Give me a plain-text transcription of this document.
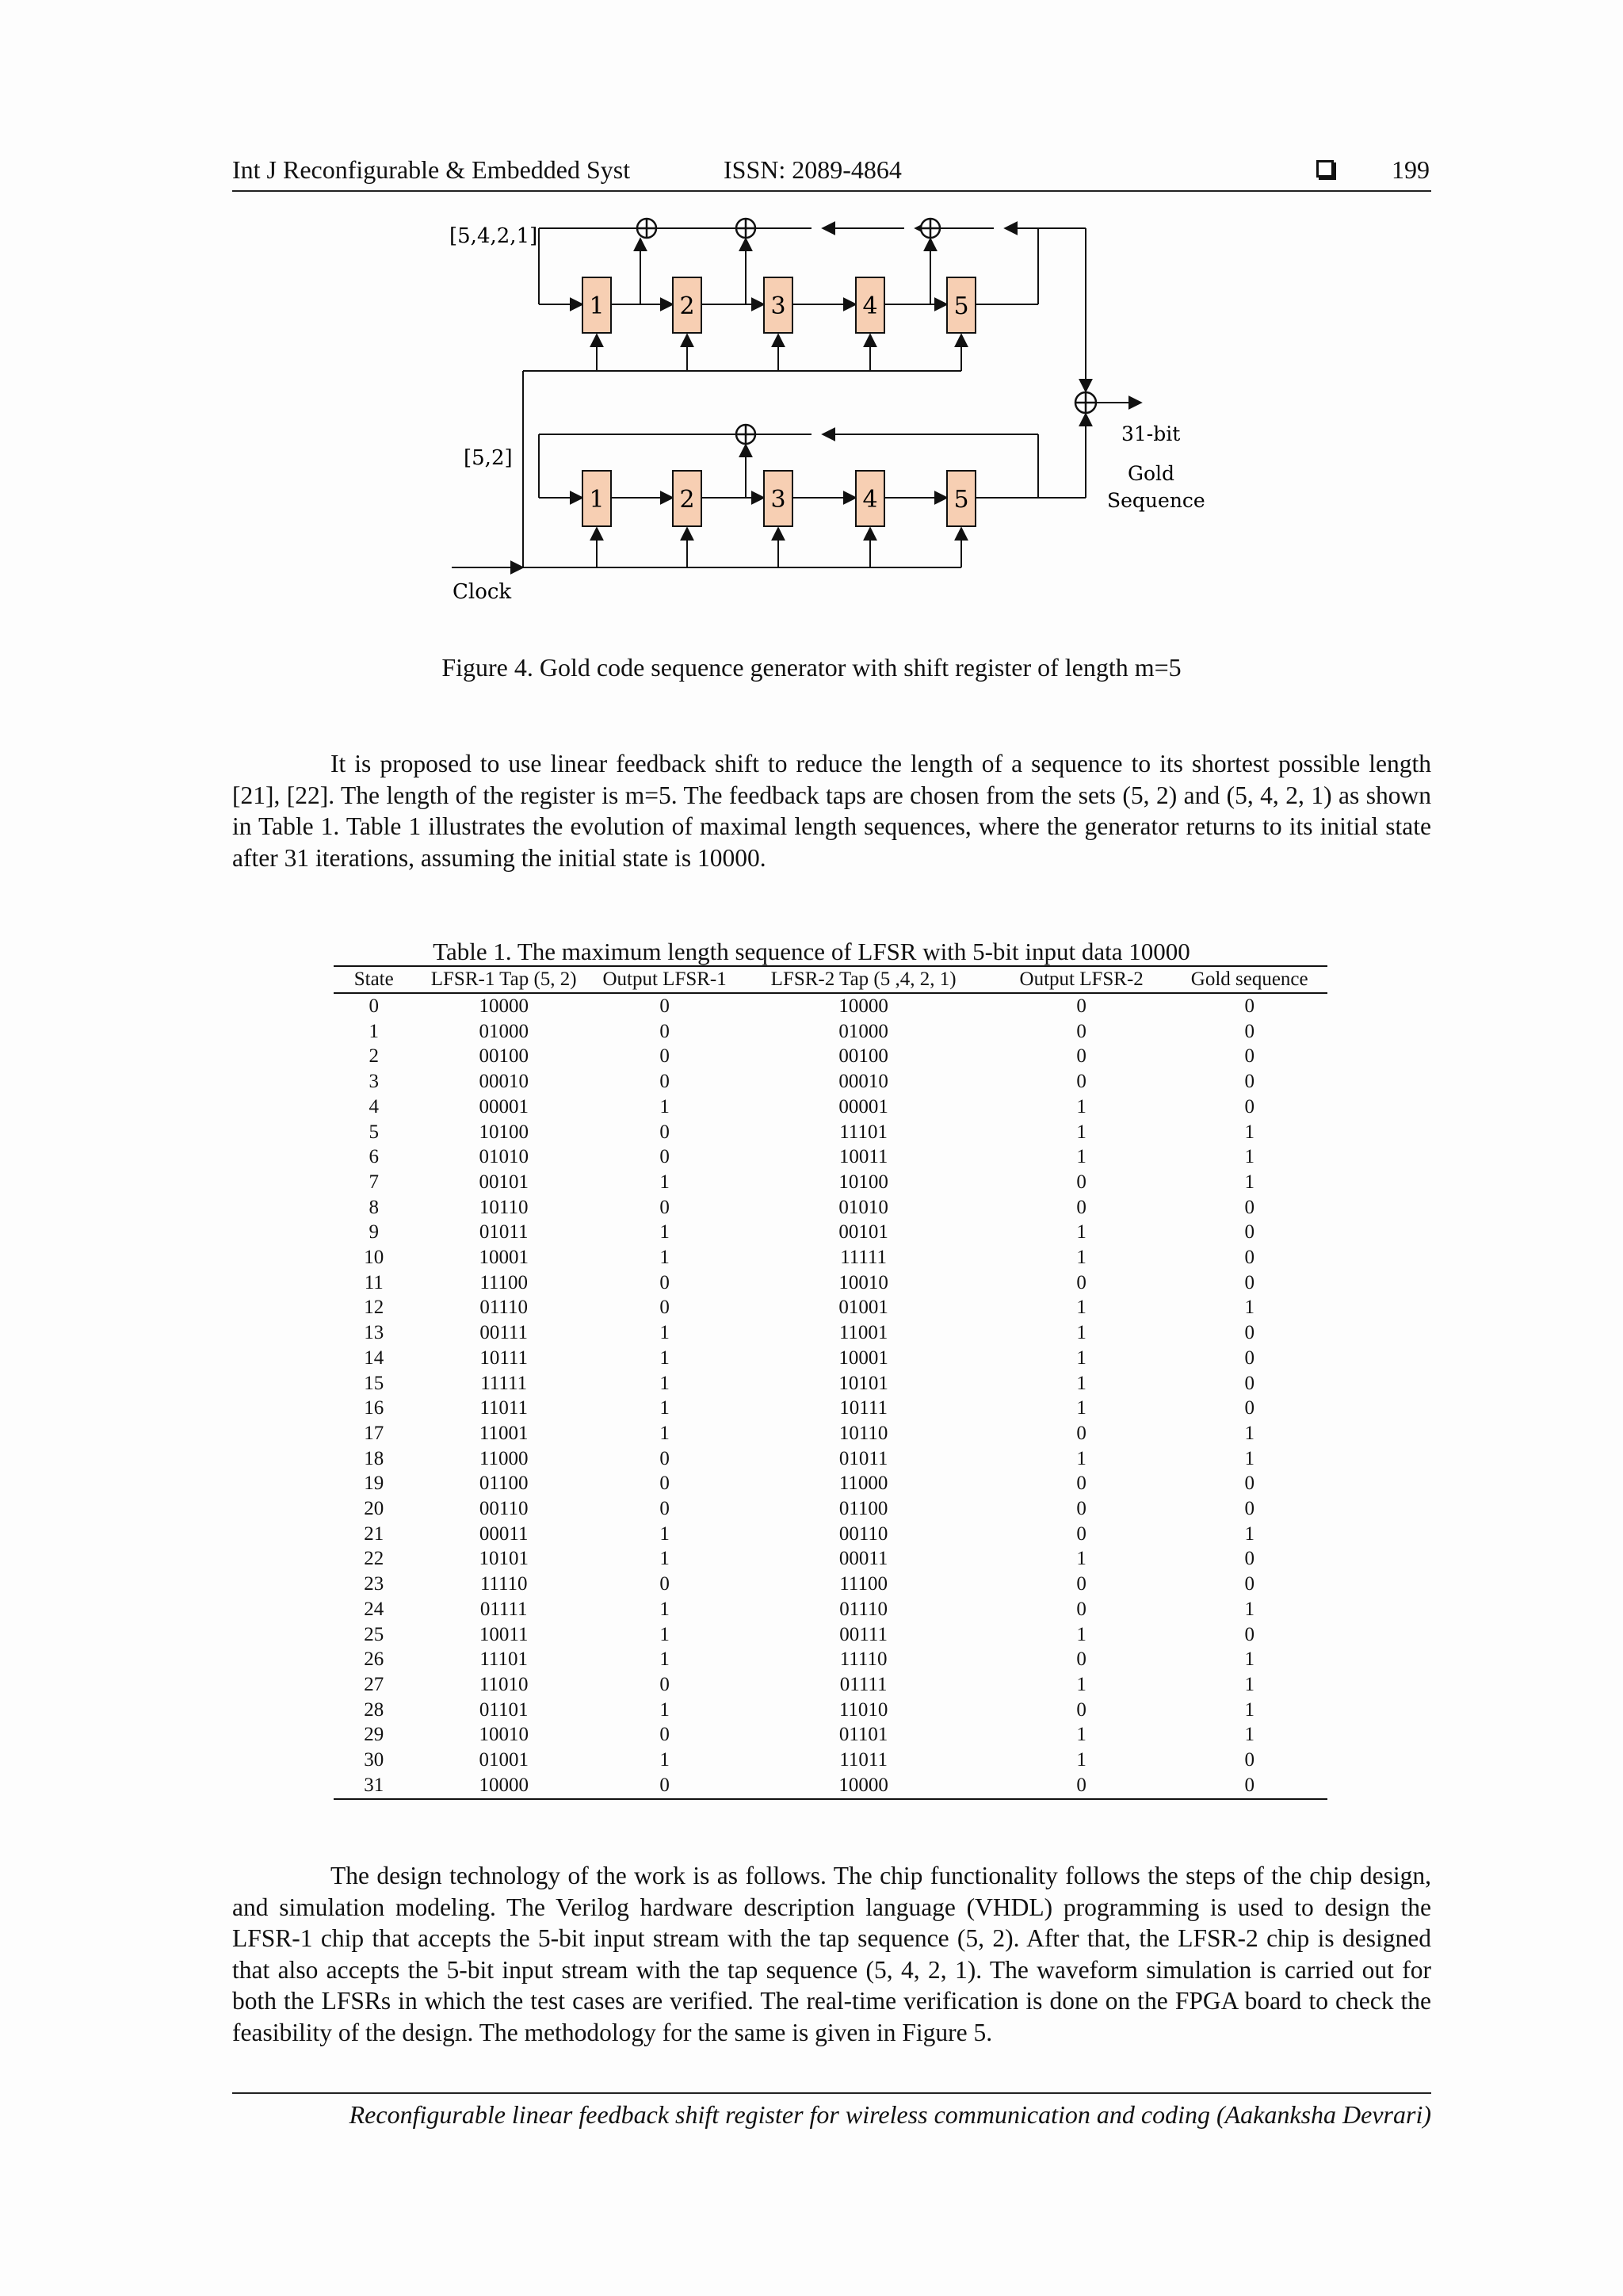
Int J Reconfigurable & Embedded Syst	ISSN: 2089-4864	199
1	2	3	4	5
1	2	3	4	5
[5,4,2,1]
[5,2]
31-bit
Gold
Sequence
Clock
Figure 4. Gold code sequence generator with shift register of length m=5

It is proposed to use linear feedback shift to reduce the length of a sequence to its shortest possible length [21], [22]. The length of the register is m=5. The feedback taps are chosen from the sets (5, 2) and (5, 4, 2, 1) as shown in Table 1. Table 1 illustrates the evolution of maximal length sequences, where the generator returns to its initial state after 31 iterations, assuming the initial state is 10000.

Table 1. The maximum length sequence of LFSR with 5-bit input data 10000
State	LFSR-1 Tap (5, 2)	Output LFSR-1	LFSR-2 Tap (5 ,4, 2, 1)	Output LFSR-2	Gold sequence
0	10000	0	10000	0	0
1	01000	0	01000	0	0
2	00100	0	00100	0	0
3	00010	0	00010	0	0
4	00001	1	00001	1	0
5	10100	0	11101	1	1
6	01010	0	10011	1	1
7	00101	1	10100	0	1
8	10110	0	01010	0	0
9	01011	1	00101	1	0
10	10001	1	11111	1	0
11	11100	0	10010	0	0
12	01110	0	01001	1	1
13	00111	1	11001	1	0
14	10111	1	10001	1	0
15	11111	1	10101	1	0
16	11011	1	10111	1	0
17	11001	1	10110	0	1
18	11000	0	01011	1	1
19	01100	0	11000	0	0
20	00110	0	01100	0	0
21	00011	1	00110	0	1
22	10101	1	00011	1	0
23	11110	0	11100	0	0
24	01111	1	01110	0	1
25	10011	1	00111	1	0
26	11101	1	11110	0	1
27	11010	0	01111	1	1
28	01101	1	11010	0	1
29	10010	0	01101	1	1
30	01001	1	11011	1	0
31	10000	0	10000	0	0

The design technology of the work is as follows. The chip functionality follows the steps of the chip design, and simulation modeling. The Verilog hardware description language (VHDL) programming is used to design the LFSR-1 chip that accepts the 5-bit input stream with the tap sequence (5, 2). After that, the LFSR-2 chip is designed that also accepts the 5-bit input stream with the tap sequence (5, 4, 2, 1). The waveform simulation is carried out for both the LFSRs in which the test cases are verified. The real-time verification is done on the FPGA board to check the feasibility of the design. The methodology for the same is given in Figure 5.

Reconfigurable linear feedback shift register for wireless communication and coding (Aakanksha Devrari)
